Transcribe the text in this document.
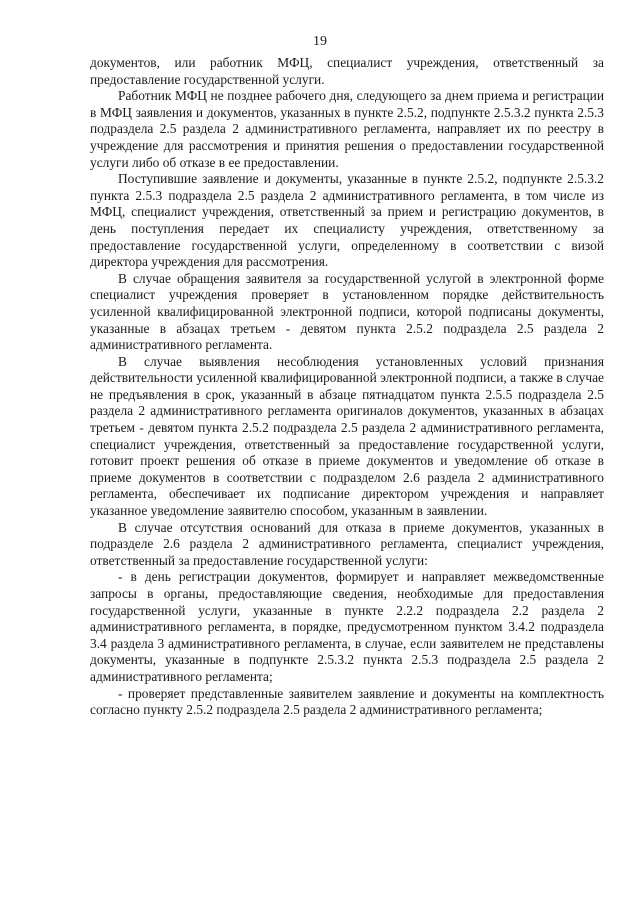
19

документов, или работник МФЦ, специалист учреждения, ответственный за предоставление государственной услуги.

Работник МФЦ не позднее рабочего дня, следующего за днем приема и регистрации в МФЦ заявления и документов, указанных в пункте 2.5.2, подпункте 2.5.3.2 пункта 2.5.3 подраздела 2.5 раздела 2 административного регламента, направляет их по реестру в учреждение для рассмотрения и принятия решения о предоставлении государственной услуги либо об отказе в ее предоставлении.

Поступившие заявление и документы, указанные в пункте 2.5.2, подпункте 2.5.3.2 пункта 2.5.3 подраздела 2.5 раздела 2 административного регламента, в том числе из МФЦ, специалист учреждения, ответственный за прием и регистрацию документов, в день поступления передает их специалисту учреждения, ответственному за предоставление государственной услуги, определенному в соответствии с визой директора учреждения для рассмотрения.

В случае обращения заявителя за государственной услугой в электронной форме специалист учреждения проверяет в установленном порядке действительность усиленной квалифицированной электронной подписи, которой подписаны документы, указанные в абзацах третьем - девятом пункта 2.5.2 подраздела 2.5 раздела 2 административного регламента.

В случае выявления несоблюдения установленных условий признания действительности усиленной квалифицированной электронной подписи, а также в случае не предъявления в срок, указанный в абзаце пятнадцатом пункта 2.5.5 подраздела 2.5 раздела 2 административного регламента оригиналов документов, указанных в абзацах третьем - девятом пункта 2.5.2 подраздела 2.5 раздела 2 административного регламента, специалист учреждения, ответственный за предоставление государственной услуги, готовит проект решения об отказе в приеме документов и уведомление об отказе в приеме документов в соответствии с подразделом 2.6 раздела 2 административного регламента, обеспечивает их подписание директором учреждения и направляет указанное уведомление заявителю способом, указанным в заявлении.

В случае отсутствия оснований для отказа в приеме документов, указанных в подразделе 2.6 раздела 2 административного регламента, специалист учреждения, ответственный за предоставление государственной услуги:

- в день регистрации документов, формирует и направляет межведомственные запросы в органы, предоставляющие сведения, необходимые для предоставления государственной услуги, указанные в пункте 2.2.2 подраздела 2.2 раздела 2 административного регламента, в порядке, предусмотренном пунктом 3.4.2 подраздела 3.4 раздела 3 административного регламента, в случае, если заявителем не представлены документы, указанные в подпункте 2.5.3.2 пункта 2.5.3 подраздела 2.5 раздела 2 административного регламента;

- проверяет представленные заявителем заявление и документы на комплектность согласно пункту 2.5.2 подраздела 2.5 раздела 2 административного регламента;
